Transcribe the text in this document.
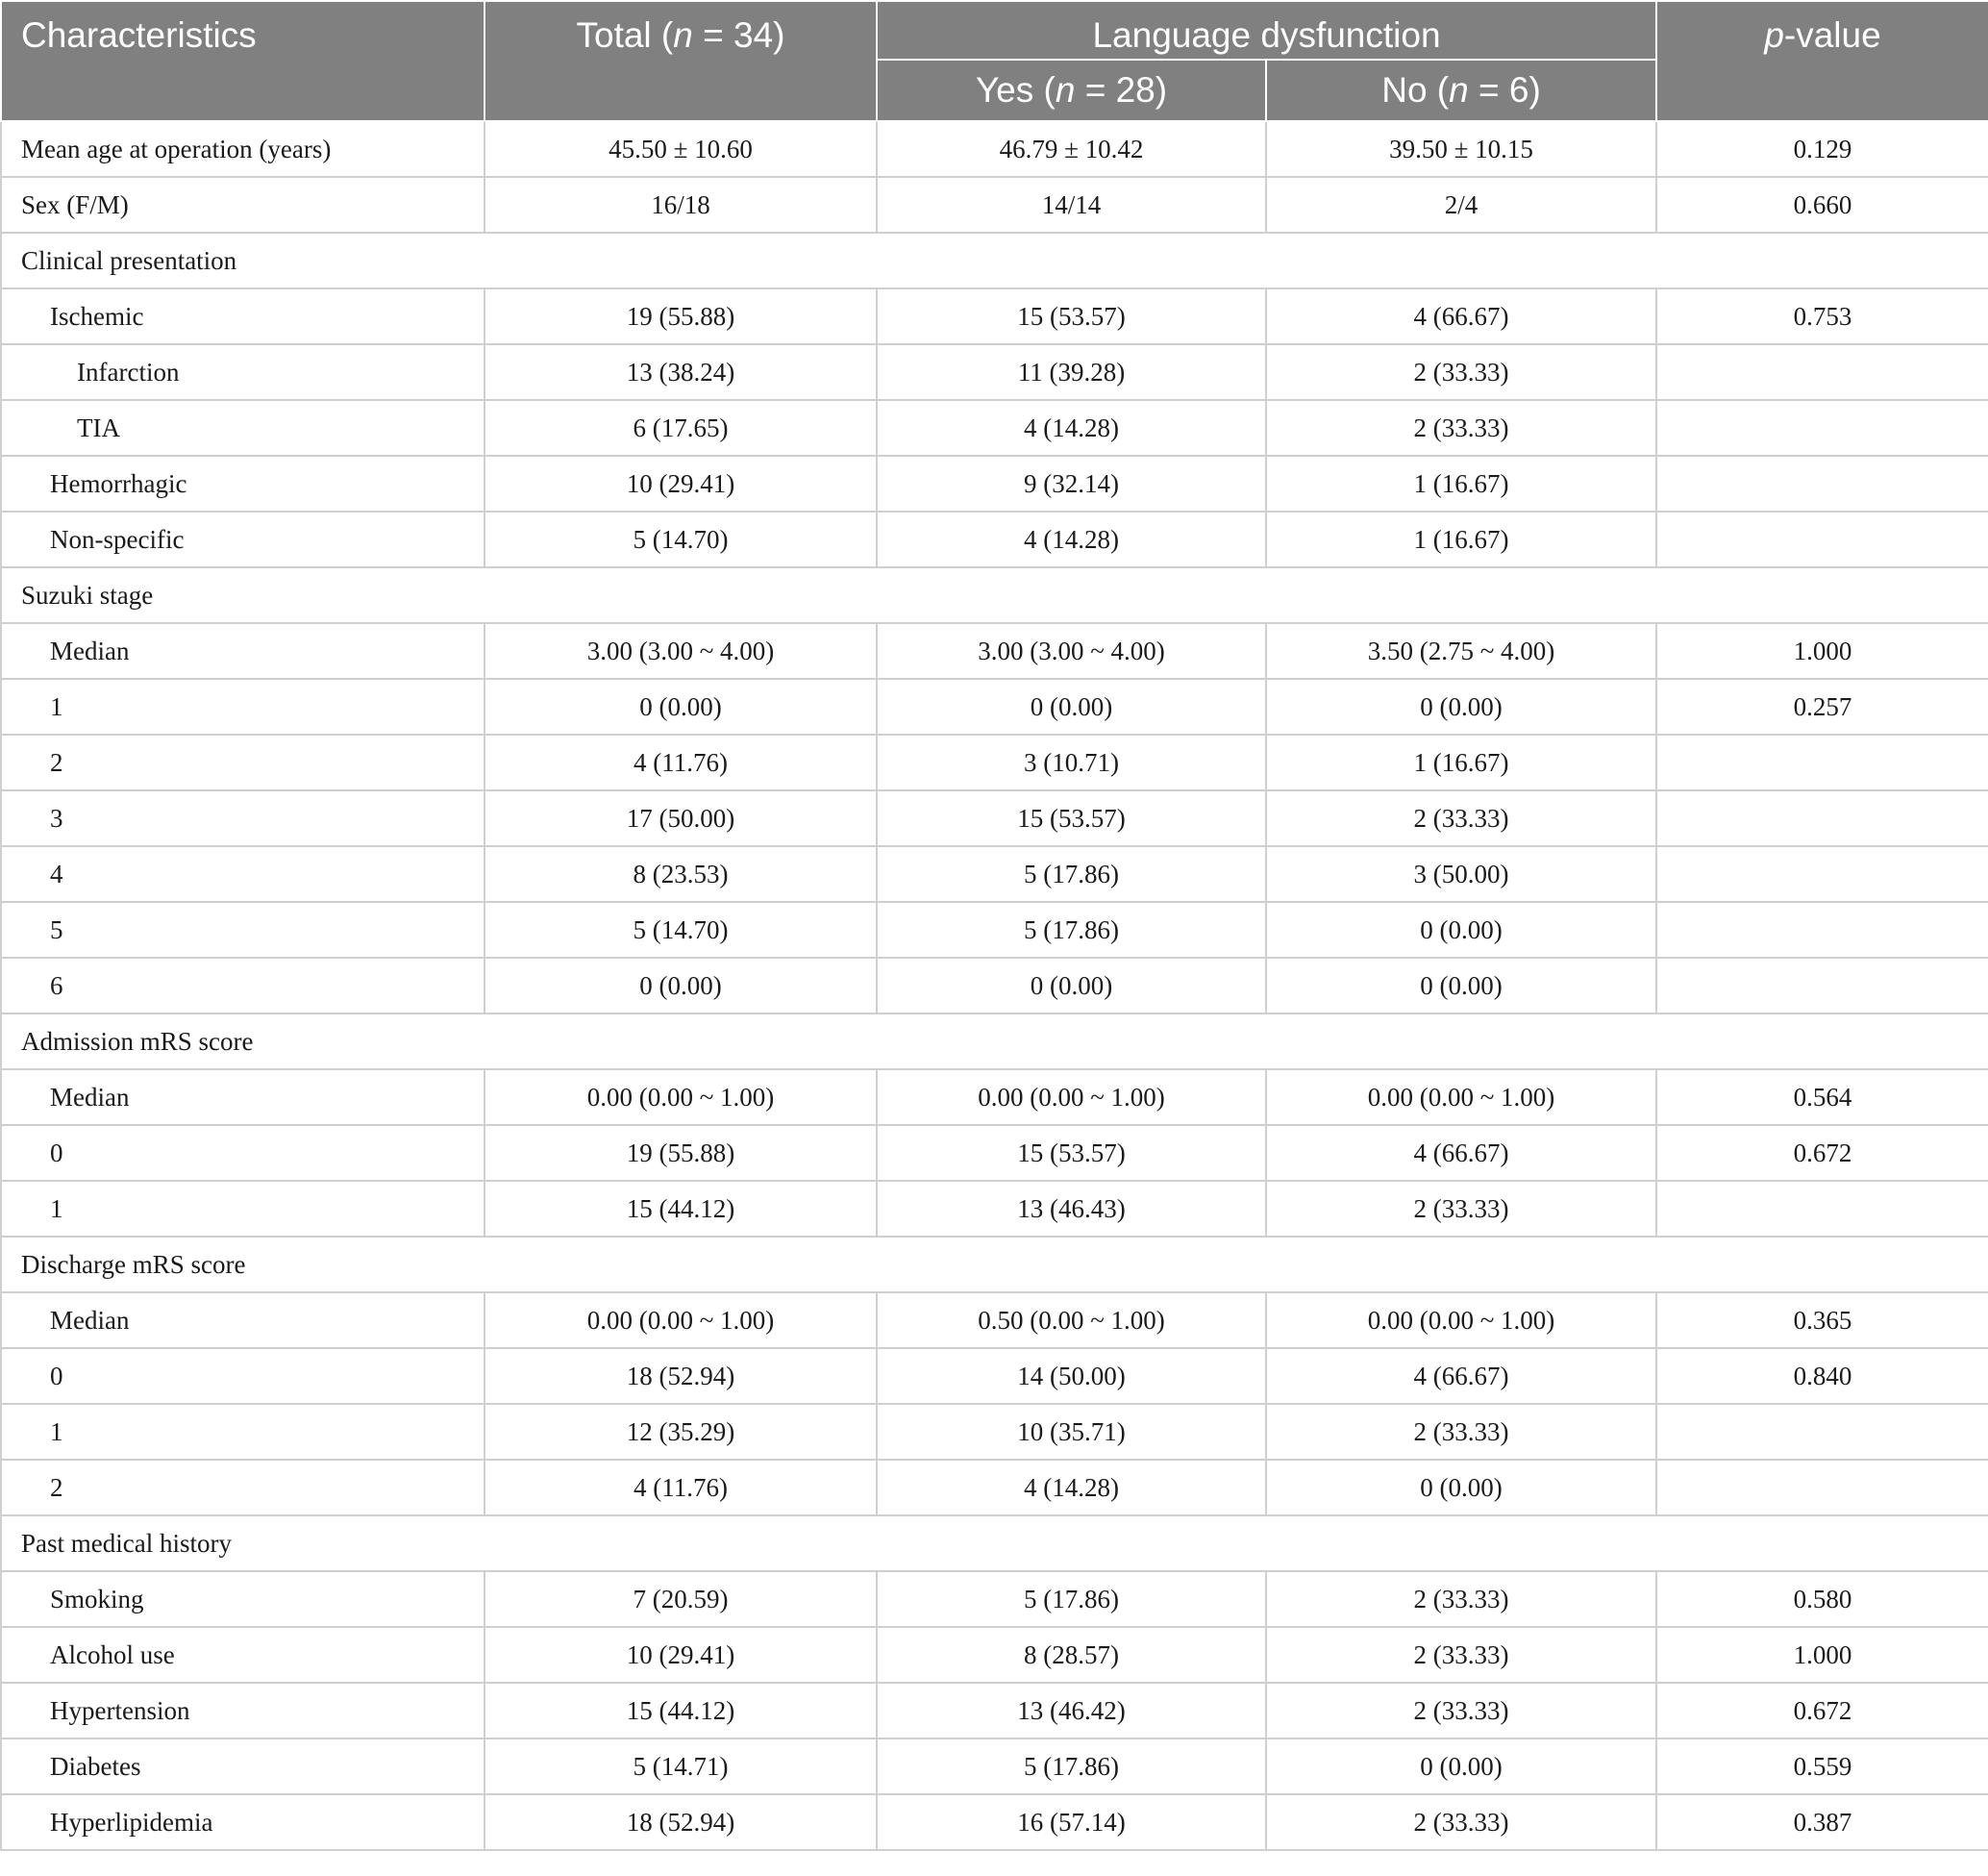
Characteristics	Total (n = 34)	Language dysfunction		p-value
		Yes (n = 28)	No (n = 6)	
Mean age at operation (years)	45.50 ± 10.60	46.79 ± 10.42	39.50 ± 10.15	0.129
Sex (F/M)	16/18	14/14	2/4	0.660
Clinical presentation				
Ischemic	19 (55.88)	15 (53.57)	4 (66.67)	0.753
Infarction	13 (38.24)	11 (39.28)	2 (33.33)	
TIA	6 (17.65)	4 (14.28)	2 (33.33)	
Hemorrhagic	10 (29.41)	9 (32.14)	1 (16.67)	
Non-specific	5 (14.70)	4 (14.28)	1 (16.67)	
Suzuki stage				
Median	3.00 (3.00 ~ 4.00)	3.00 (3.00 ~ 4.00)	3.50 (2.75 ~ 4.00)	1.000
1	0 (0.00)	0 (0.00)	0 (0.00)	0.257
2	4 (11.76)	3 (10.71)	1 (16.67)	
3	17 (50.00)	15 (53.57)	2 (33.33)	
4	8 (23.53)	5 (17.86)	3 (50.00)	
5	5 (14.70)	5 (17.86)	0 (0.00)	
6	0 (0.00)	0 (0.00)	0 (0.00)	
Admission mRS score				
Median	0.00 (0.00 ~ 1.00)	0.00 (0.00 ~ 1.00)	0.00 (0.00 ~ 1.00)	0.564
0	19 (55.88)	15 (53.57)	4 (66.67)	0.672
1	15 (44.12)	13 (46.43)	2 (33.33)	
Discharge mRS score				
Median	0.00 (0.00 ~ 1.00)	0.50 (0.00 ~ 1.00)	0.00 (0.00 ~ 1.00)	0.365
0	18 (52.94)	14 (50.00)	4 (66.67)	0.840
1	12 (35.29)	10 (35.71)	2 (33.33)	
2	4 (11.76)	4 (14.28)	0 (0.00)	
Past medical history				
Smoking	7 (20.59)	5 (17.86)	2 (33.33)	0.580
Alcohol use	10 (29.41)	8 (28.57)	2 (33.33)	1.000
Hypertension	15 (44.12)	13 (46.42)	2 (33.33)	0.672
Diabetes	5 (14.71)	5 (17.86)	0 (0.00)	0.559
Hyperlipidemia	18 (52.94)	16 (57.14)	2 (33.33)	0.387
